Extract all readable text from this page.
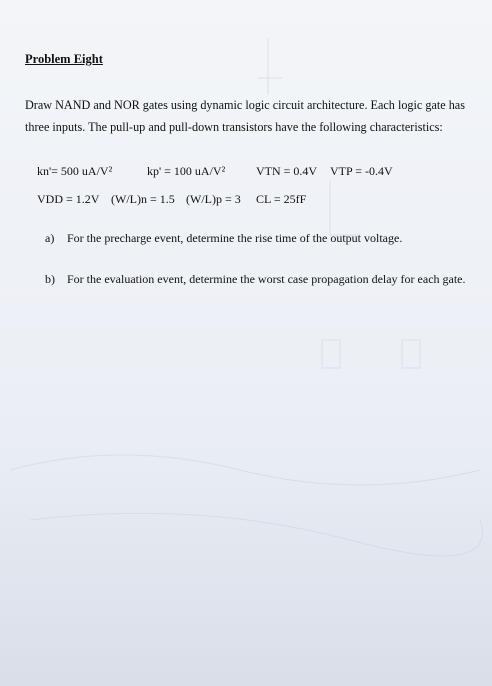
Problem Eight
Draw NAND and NOR gates using dynamic logic circuit architecture. Each logic gate has three inputs. The pull-up and pull-down transistors have the following characteristics:
kn'= 500 uA/V²	kp' = 100 uA/V²	VTN = 0.4V VTP = -0.4V
VDD = 1.2V (W/L)n = 1.5 (W/L)p = 3 CL = 25fF
a) For the precharge event, determine the rise time of the output voltage.
b) For the evaluation event, determine the worst case propagation delay for each gate.
